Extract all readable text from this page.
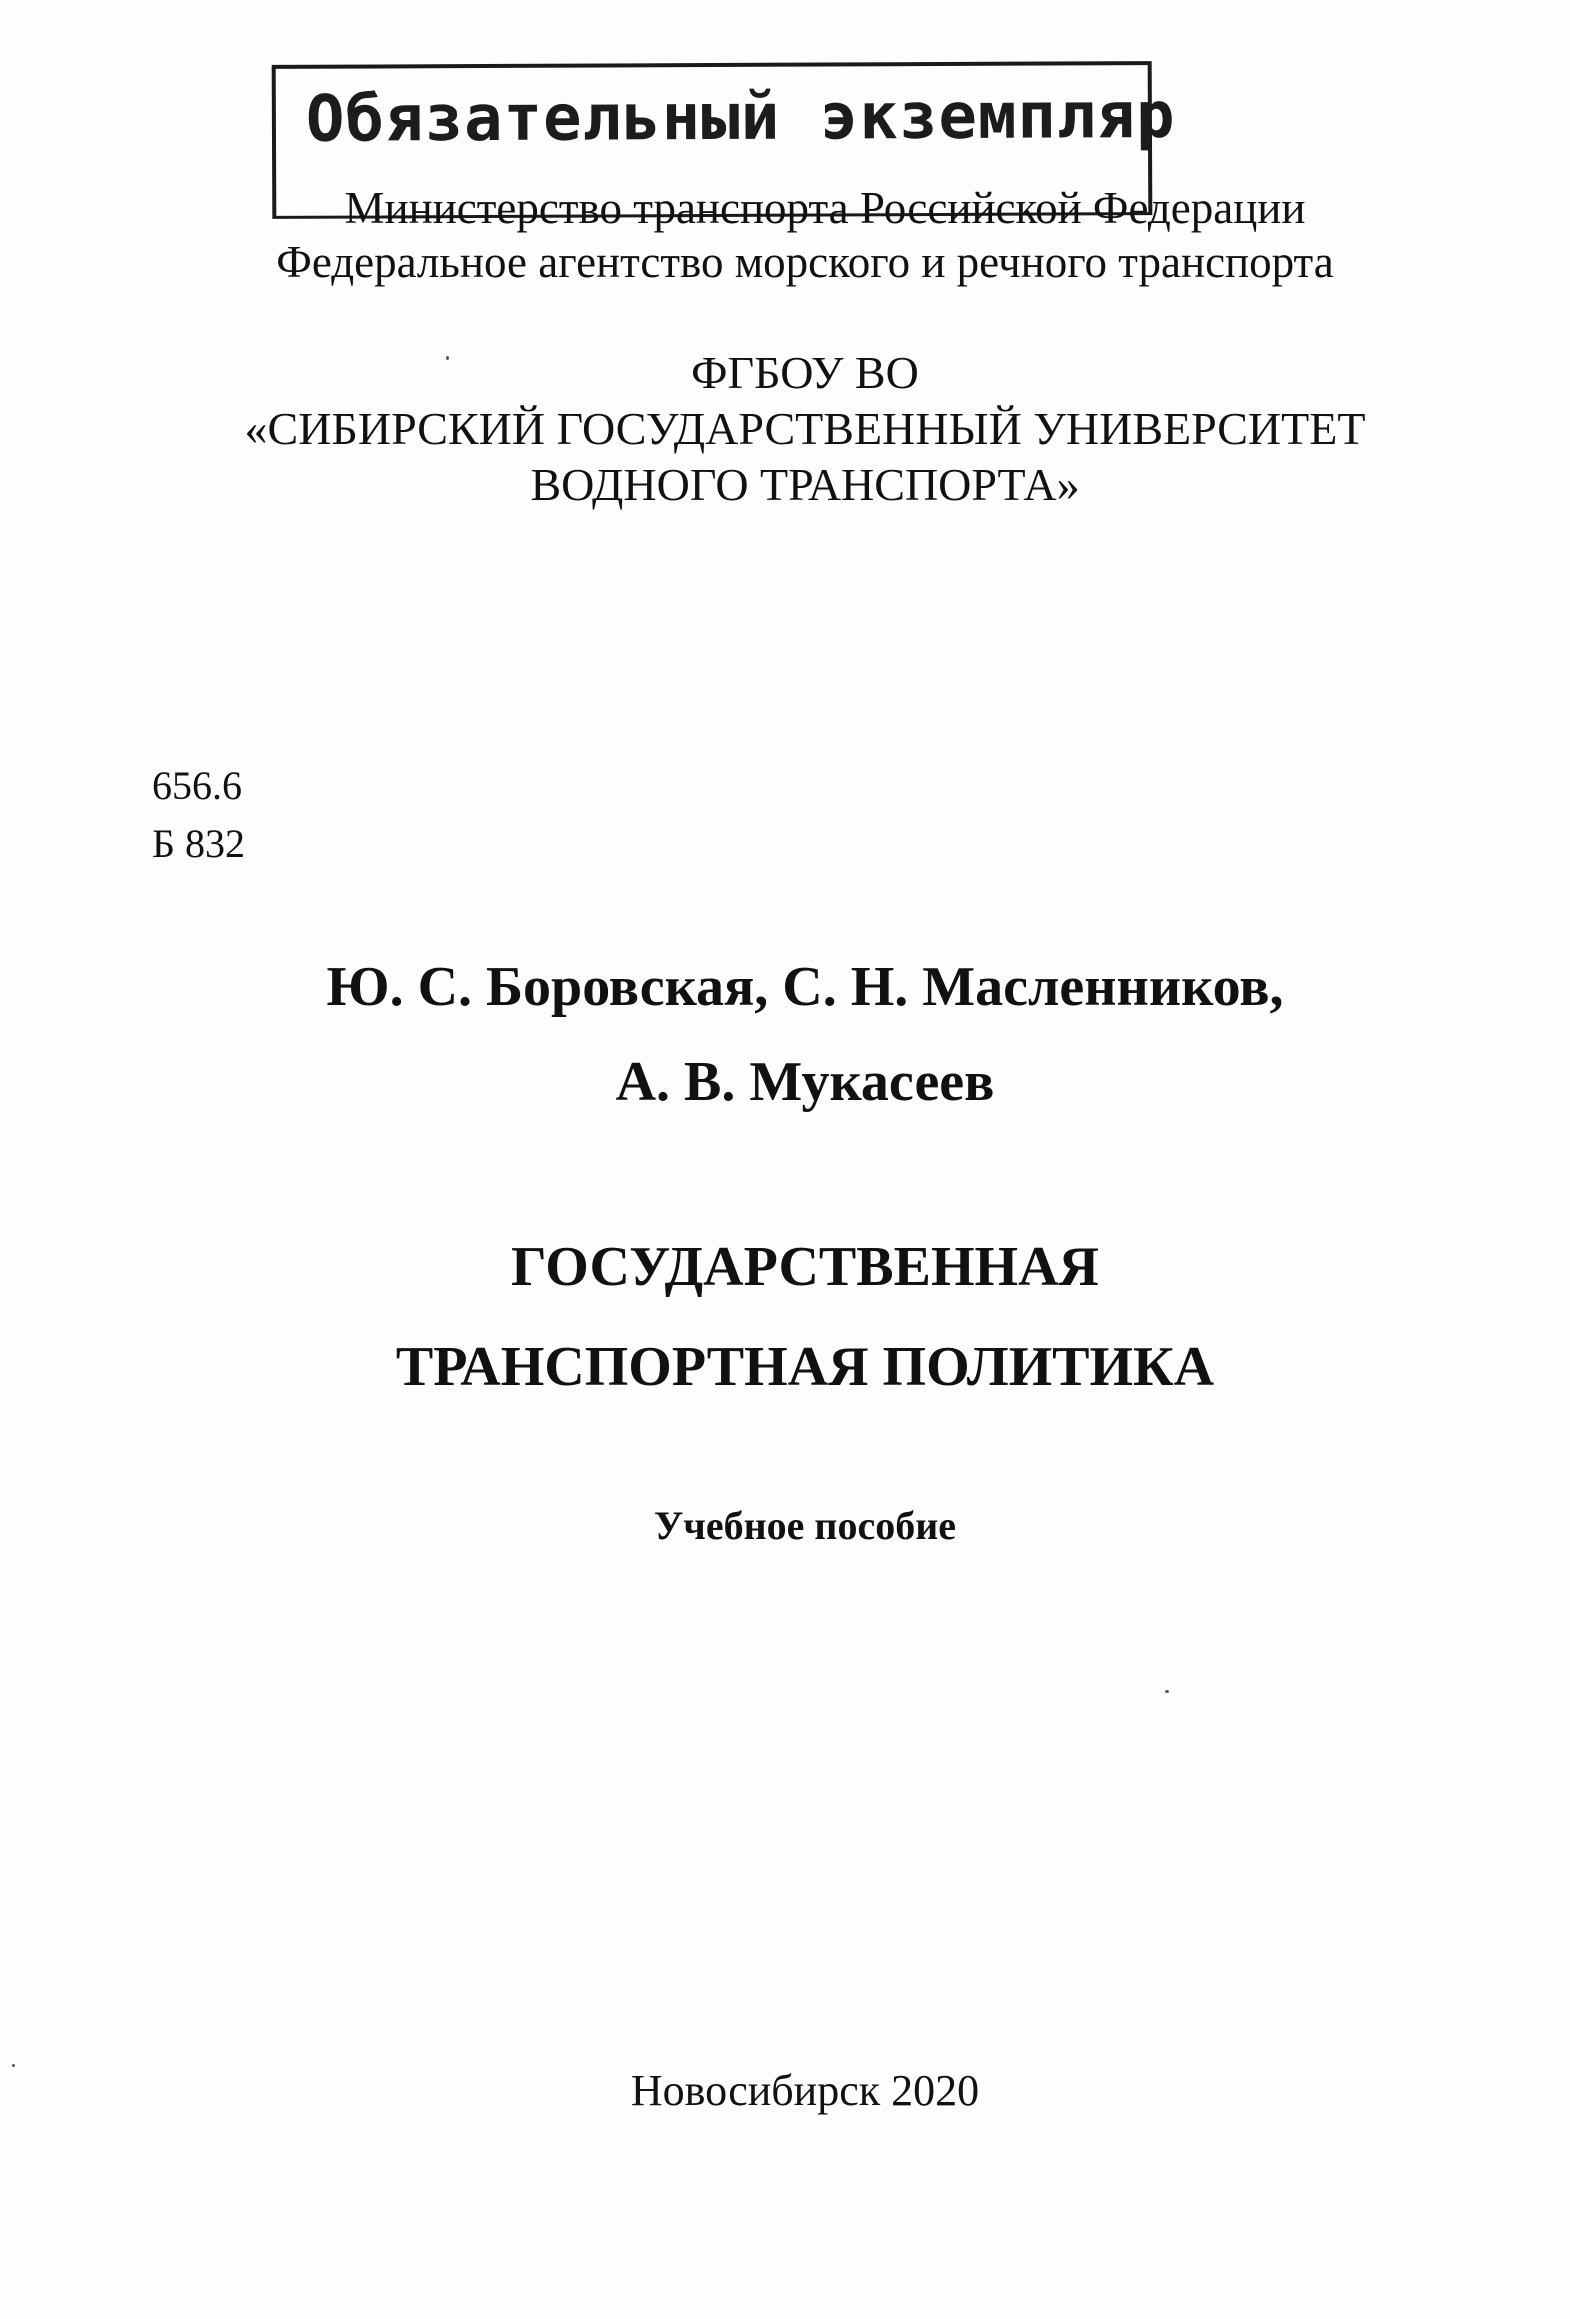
Обязательный экземпляр
Министерство транспорта Российской Федерации
Федеральное агентство морского и речного транспорта
ФГБОУ ВО
«СИБИРСКИЙ ГОСУДАРСТВЕННЫЙ УНИВЕРСИТЕТ
ВОДНОГО ТРАНСПОРТА»
656.6
Б 832
Ю. С. Боровская, С. Н. Масленников,
А. В. Мукасеев
ГОСУДАРСТВЕННАЯ
ТРАНСПОРТНАЯ ПОЛИТИКА
Учебное пособие
Новосибирск 2020
